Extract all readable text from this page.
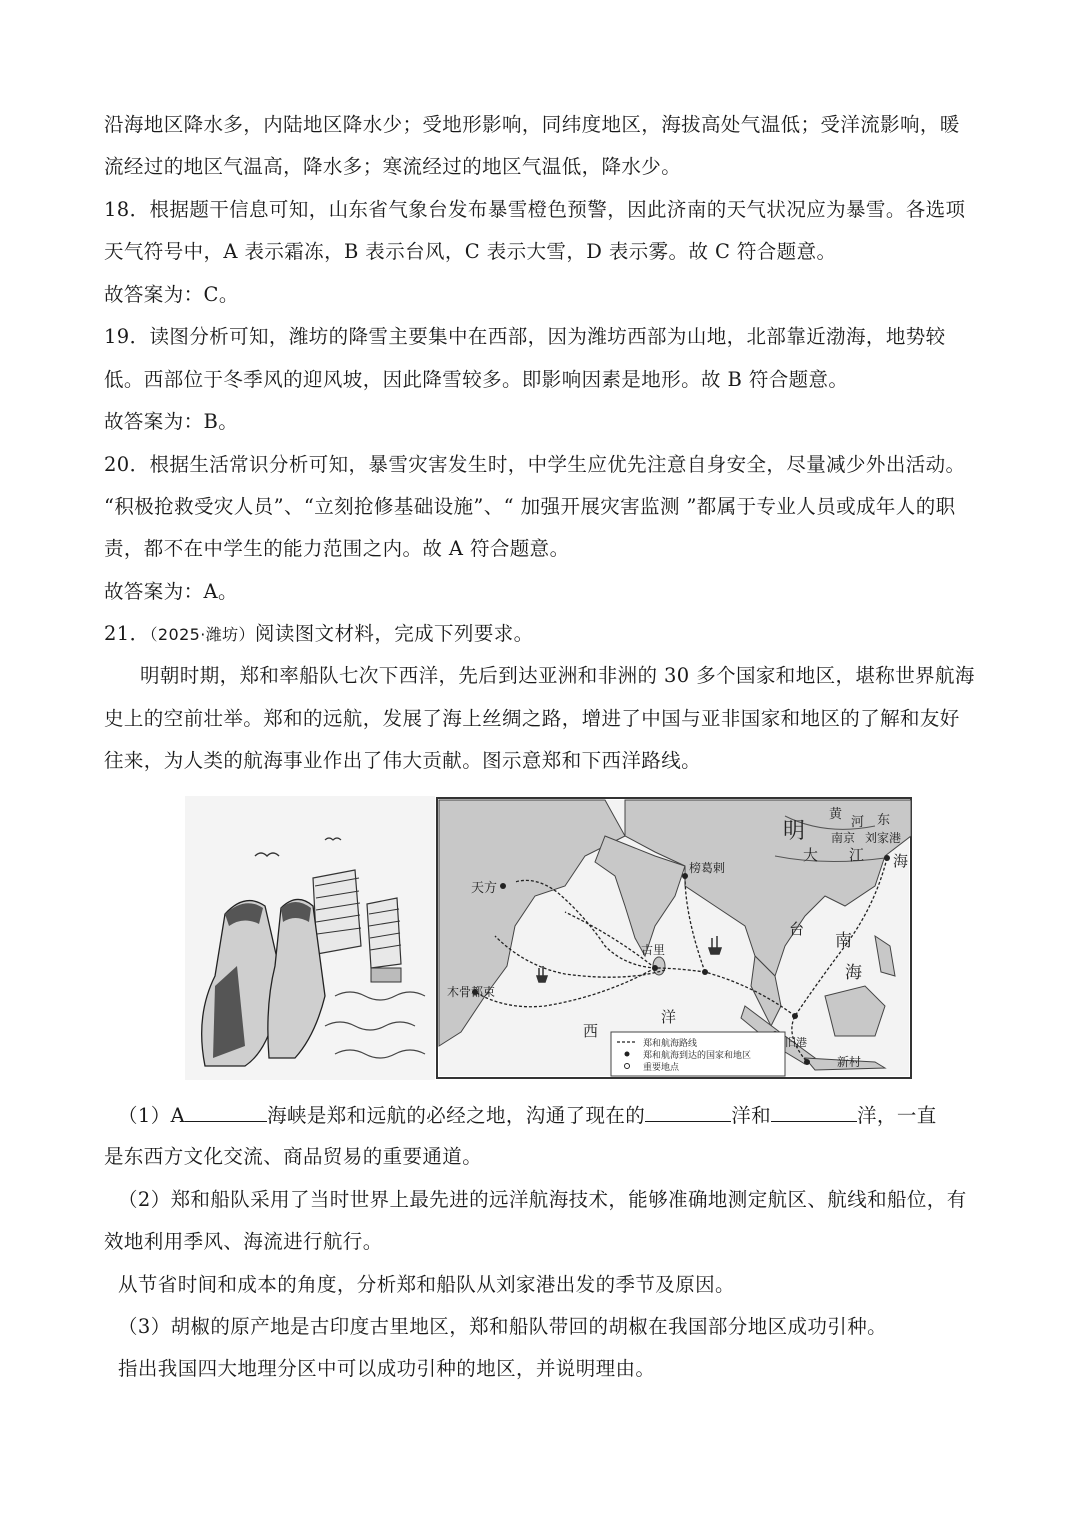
沿海地区降水多，内陆地区降水少；受地形影响，同纬度地区，海拔高处气温低；受洋流影响，暖
流经过的地区气温高，降水多；寒流经过的地区气温低，降水少。
18．根据题干信息可知，山东省气象台发布暴雪橙色预警，因此济南的天气状况应为暴雪。各选项
天气符号中，A 表示霜冻，B 表示台风，C 表示大雪，D 表示雾。故 C 符合题意。
故答案为：C。
19．读图分析可知，潍坊的降雪主要集中在西部，因为潍坊西部为山地，北部靠近渤海，地势较
低。西部位于冬季风的迎风坡，因此降雪较多。即影响因素是地形。故 B 符合题意。
故答案为：B。
20．根据生活常识分析可知，暴雪灾害发生时，中学生应优先注意自身安全，尽量减少外出活动。
“积极抢救受灾人员”、“立刻抢修基础设施”、“ 加强开展灾害监测 ”都属于专业人员或成年人的职
责，都不在中学生的能力范围之内。故 A 符合题意。
故答案为：A。
21．（2025·潍坊）阅读图文材料，完成下列要求。
明朝时期，郑和率船队七次下西洋，先后到达亚洲和非洲的 30 多个国家和地区，堪称世界航海
史上的空前壮举。郑和的远航，发展了海上丝绸之路，增进了中国与亚非国家和地区的了解和友好
往来，为人类的航海事业作出了伟大贡献。图示意郑和下西洋路线。
明
大 江
黄
河
南京 刘家港
东
海
南
海
台
天方
古里
榜葛剌
木骨都束
西
洋
旧港
新村
郑和航海路线
郑和航海到达的国家和地区
重要地点
（1）A	海峡是郑和远航的必经之地，沟通了现在的	洋和	洋，一直
是东西方文化交流、商品贸易的重要通道。
（2）郑和船队采用了当时世界上最先进的远洋航海技术，能够准确地测定航区、航线和船位，有
效地利用季风、海流进行航行。
从节省时间和成本的角度，分析郑和船队从刘家港出发的季节及原因。
（3）胡椒的原产地是古印度古里地区，郑和船队带回的胡椒在我国部分地区成功引种。
指出我国四大地理分区中可以成功引种的地区，并说明理由。
